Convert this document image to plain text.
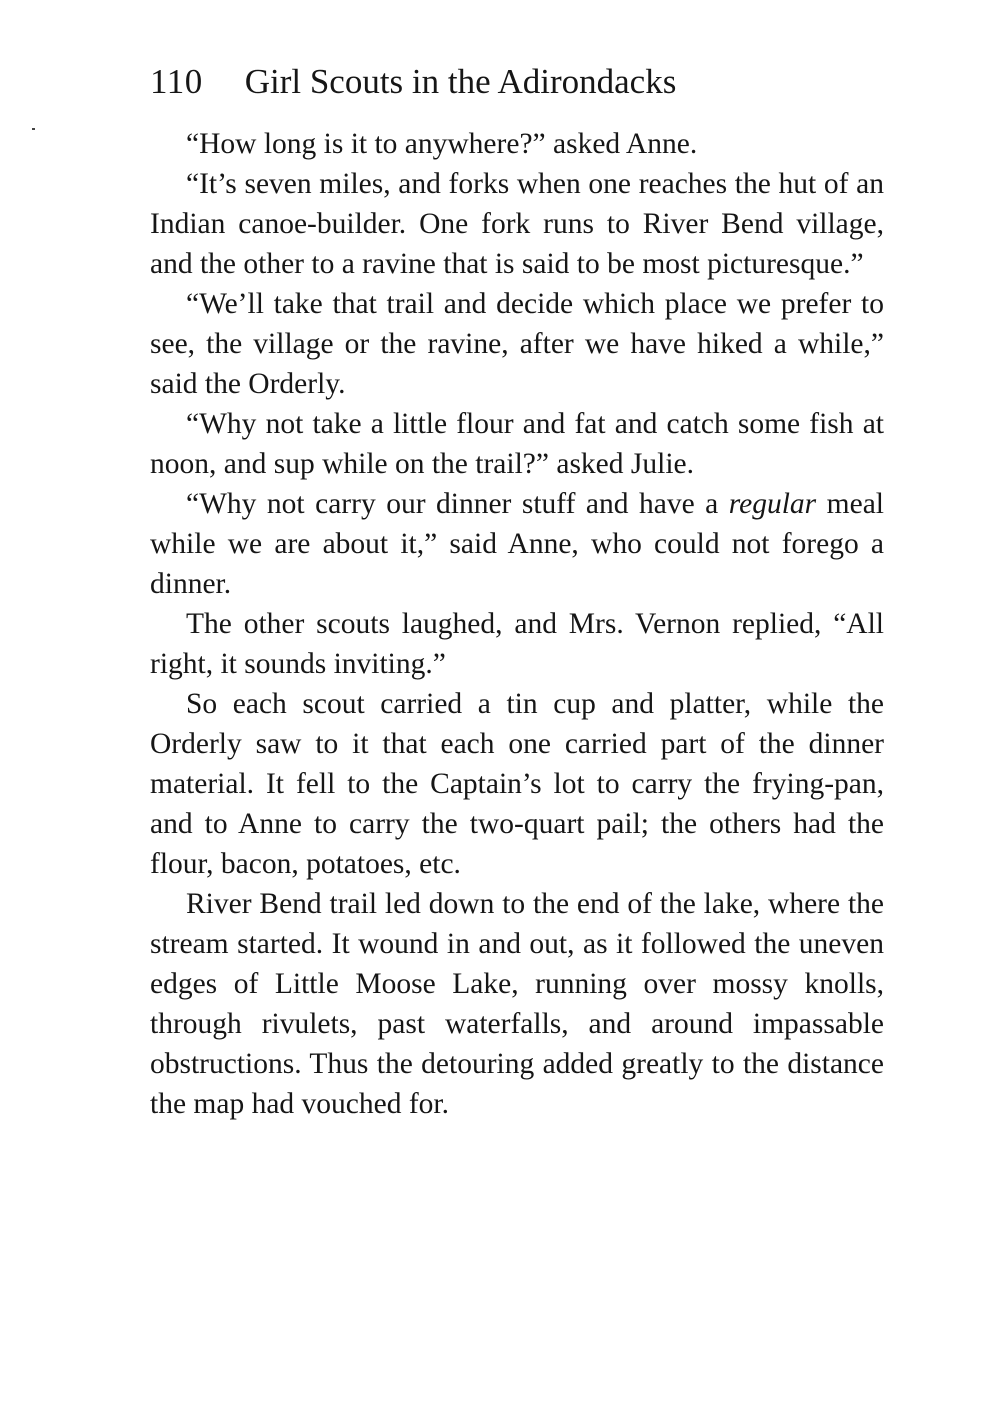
110 Girl Scouts in the Adirondacks

“How long is it to anywhere?” asked Anne.

“It’s seven miles, and forks when one reaches the hut of an Indian canoe-builder. One fork runs to River Bend village, and the other to a ravine that is said to be most picturesque.”

“We’ll take that trail and decide which place we prefer to see, the village or the ravine, after we have hiked a while,” said the Orderly.

“Why not take a little flour and fat and catch some fish at noon, and sup while on the trail?” asked Julie.

“Why not carry our dinner stuff and have a regular meal while we are about it,” said Anne, who could not forego a dinner.

The other scouts laughed, and Mrs. Vernon replied, “All right, it sounds inviting.”

So each scout carried a tin cup and platter, while the Orderly saw to it that each one carried part of the dinner material. It fell to the Captain’s lot to carry the frying-pan, and to Anne to carry the two-quart pail; the others had the flour, bacon, potatoes, etc.

River Bend trail led down to the end of the lake, where the stream started. It wound in and out, as it followed the uneven edges of Little Moose Lake, running over mossy knolls, through rivulets, past waterfalls, and around impassable obstructions. Thus the detouring added greatly to the distance the map had vouched for.
